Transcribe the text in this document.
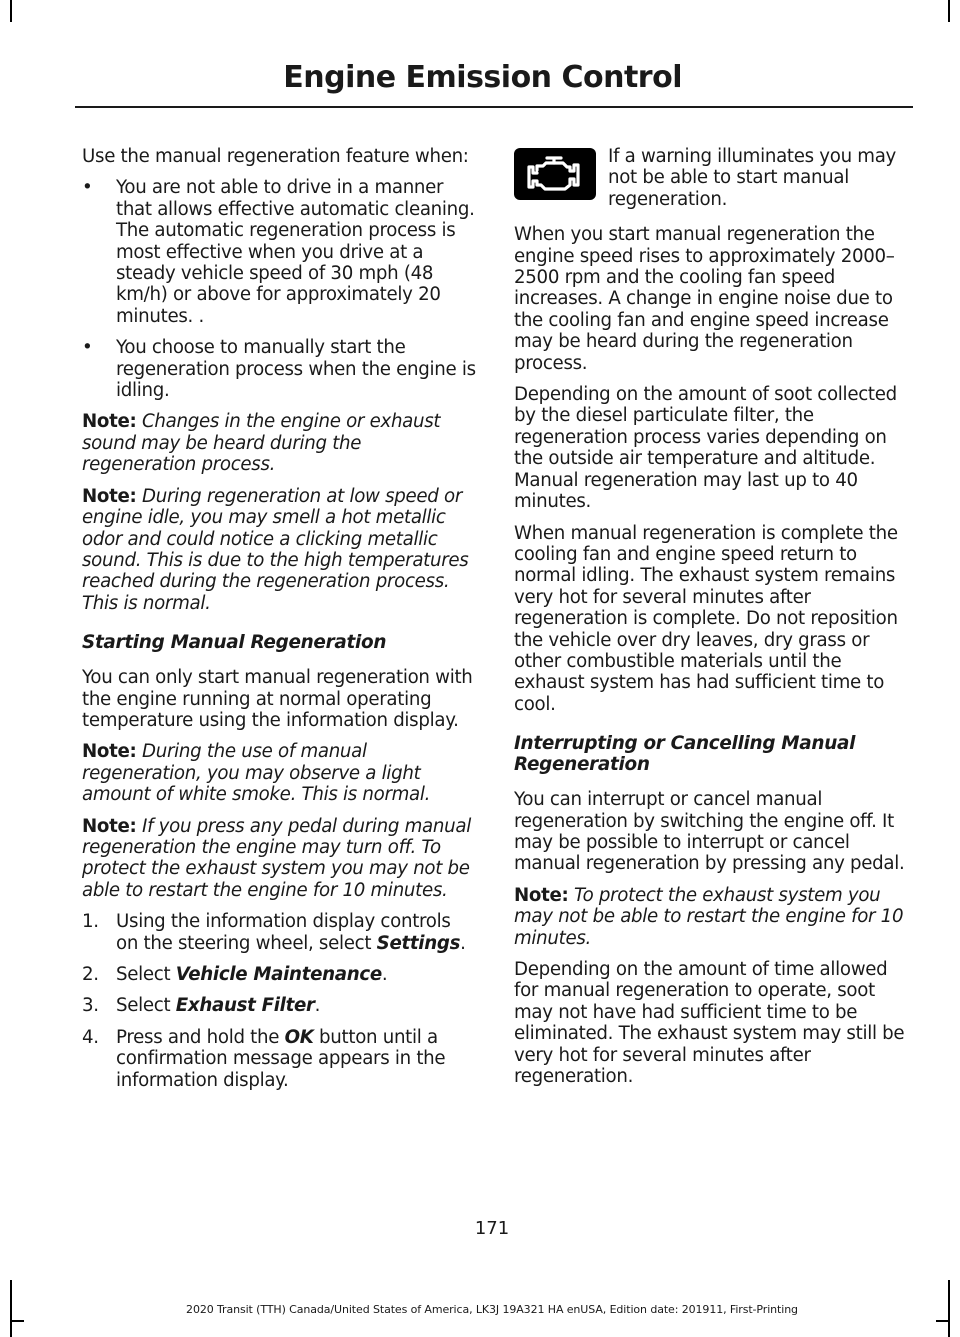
Engine Emission Control

Use the manual regeneration feature when:

• You are not able to drive in a manner that allows effective automatic cleaning. The automatic regeneration process is most effective when you drive at a steady vehicle speed of 30 mph (48 km/h) or above for approximately 20 minutes. .
• You choose to manually start the regeneration process when the engine is idling.

Note: Changes in the engine or exhaust sound may be heard during the regeneration process.

Note: During regeneration at low speed or engine idle, you may smell a hot metallic odor and could notice a clicking metallic sound. This is due to the high temperatures reached during the regeneration process. This is normal.

Starting Manual Regeneration

You can only start manual regeneration with the engine running at normal operating temperature using the information display.

Note: During the use of manual regeneration, you may observe a light amount of white smoke. This is normal.

Note: If you press any pedal during manual regeneration the engine may turn off. To protect the exhaust system you may not be able to restart the engine for 10 minutes.

1. Using the information display controls on the steering wheel, select Settings.
2. Select Vehicle Maintenance.
3. Select Exhaust Filter.
4. Press and hold the OK button until a confirmation message appears in the information display.
If a warning illuminates you may not be able to start manual regeneration.

When you start manual regeneration the engine speed rises to approximately 2000–2500 rpm and the cooling fan speed increases. A change in engine noise due to the cooling fan and engine speed increase may be heard during the regeneration process.

Depending on the amount of soot collected by the diesel particulate filter, the regeneration process varies depending on the outside air temperature and altitude. Manual regeneration may last up to 40 minutes.

When manual regeneration is complete the cooling fan and engine speed return to normal idling. The exhaust system remains very hot for several minutes after regeneration is complete. Do not reposition the vehicle over dry leaves, dry grass or other combustible materials until the exhaust system has had sufficient time to cool.

Interrupting or Cancelling Manual Regeneration

You can interrupt or cancel manual regeneration by switching the engine off. It may be possible to interrupt or cancel manual regeneration by pressing any pedal.

Note: To protect the exhaust system you may not be able to restart the engine for 10 minutes.

Depending on the amount of time allowed for manual regeneration to operate, soot may not have had sufficient time to be eliminated. The exhaust system may still be very hot for several minutes after regeneration.

171

2020 Transit (TTH) Canada/United States of America, LK3J 19A321 HA enUSA, Edition date: 201911, First-Printing
